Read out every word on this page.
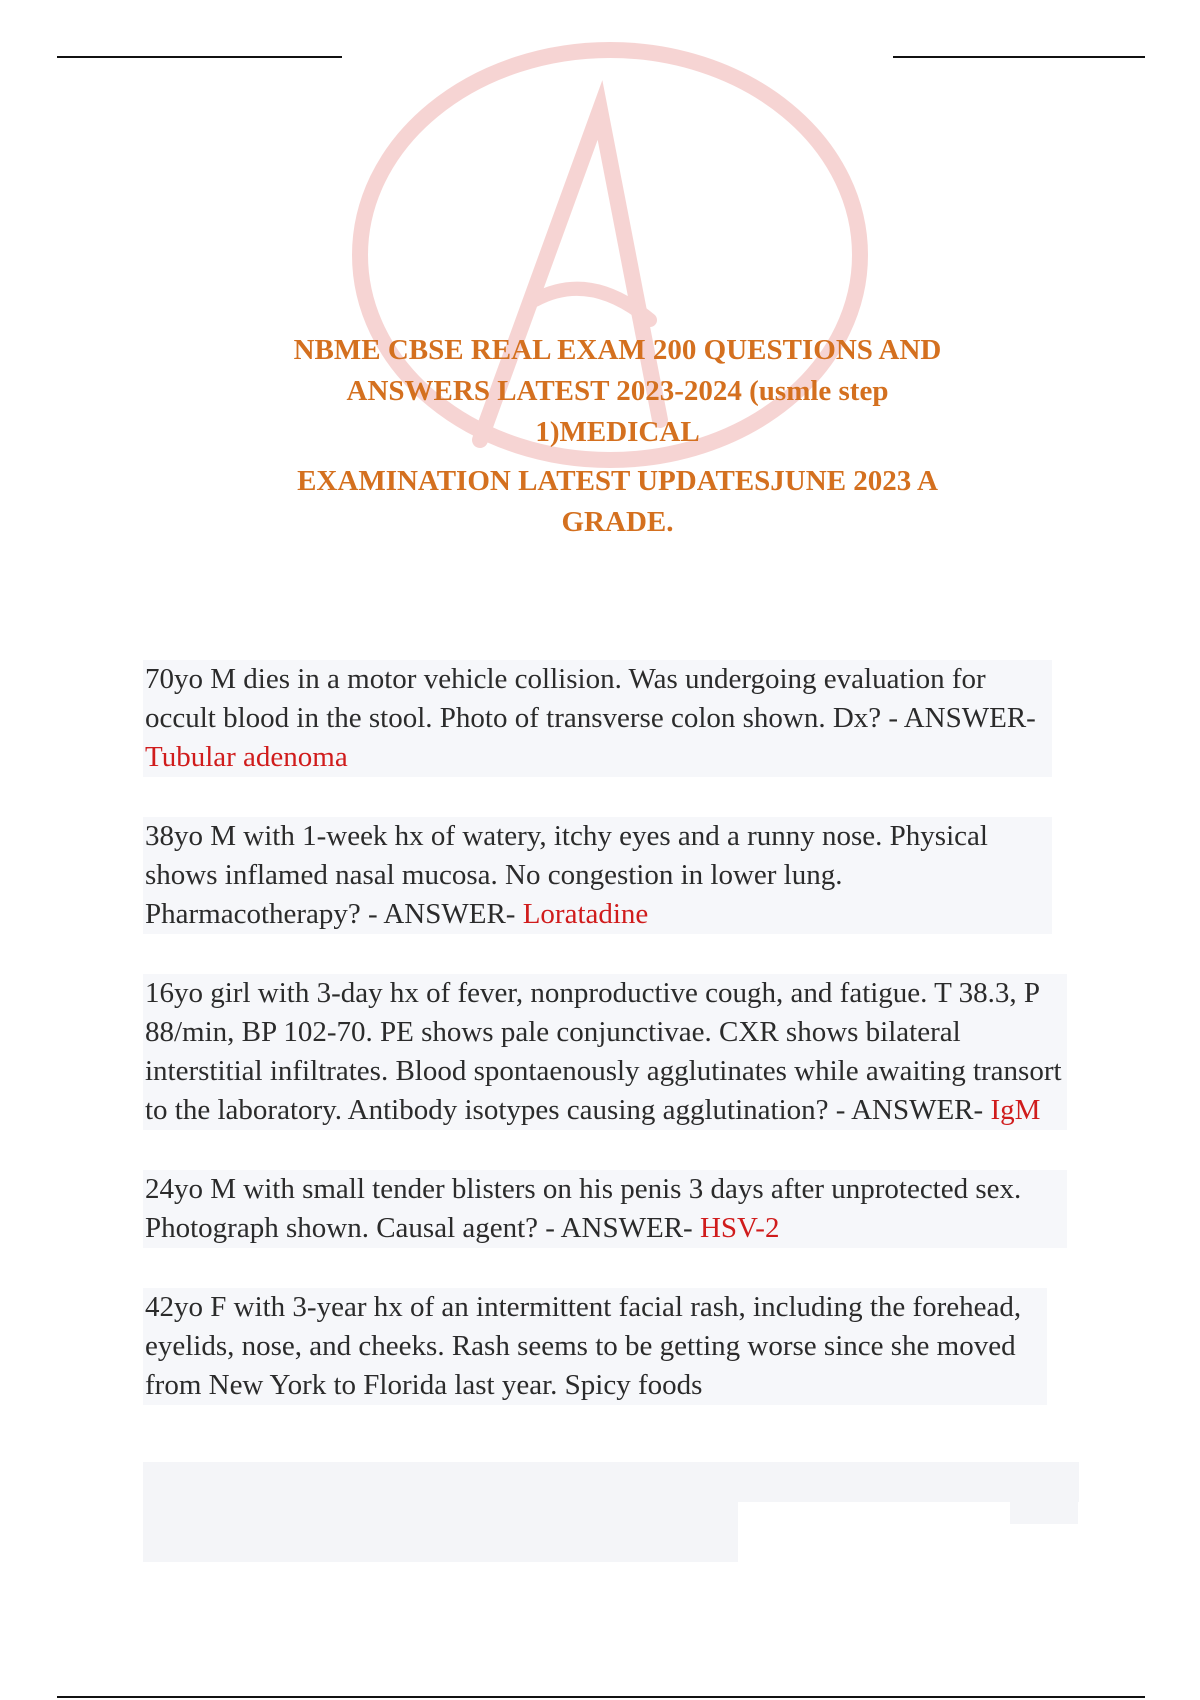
NBME CBSE REAL EXAM 200 QUESTIONS AND
ANSWERS LATEST 2023-2024 (usmle step
1)MEDICAL
EXAMINATION LATEST UPDATESJUNE 2023 A
GRADE.
70yo M dies in a motor vehicle collision. Was undergoing evaluation for occult blood in the stool. Photo of transverse colon shown. Dx? - ANSWER- Tubular adenoma
38yo M with 1-week hx of watery, itchy eyes and a runny nose. Physical shows inflamed nasal mucosa. No congestion in lower lung. Pharmacotherapy? - ANSWER- Loratadine
16yo girl with 3-day hx of fever, nonproductive cough, and fatigue. T 38.3, P 88/min, BP 102-70. PE shows pale conjunctivae. CXR shows bilateral interstitial infiltrates. Blood spontaenously agglutinates while awaiting transort to the laboratory. Antibody isotypes causing agglutination? - ANSWER- IgM
24yo M with small tender blisters on his penis 3 days after unprotected sex. Photograph shown. Causal agent? - ANSWER- HSV-2
42yo F with 3-year hx of an intermittent facial rash, including the forehead, eyelids, nose, and cheeks. Rash seems to be getting worse since she moved from New York to Florida last year. Spicy foods
